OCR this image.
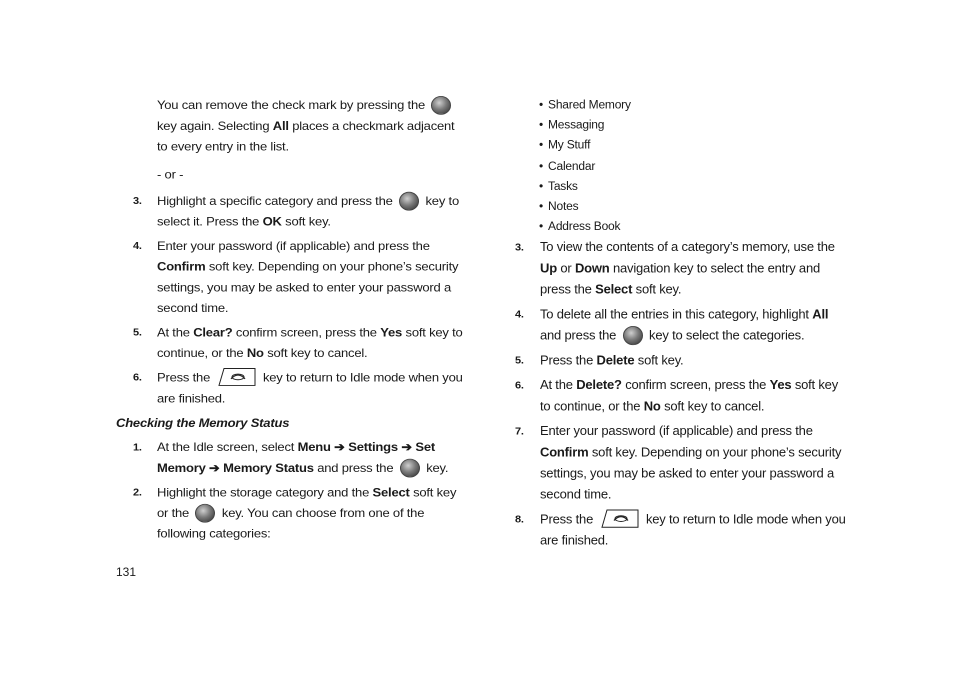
You can remove the check mark by pressing the  key again. Selecting All places a checkmark adjacent to every entry in the list.
- or -
3. Highlight a specific category and press the	key to select it. Press the OK soft key.
4. Enter your password (if applicable) and press the Confirm soft key. Depending on your phone’s security settings, you may be asked to enter your password a second time.
5. At the Clear? confirm screen, press the Yes soft key to continue, or the No soft key to cancel.
6. Press the	key to return to Idle mode when you are finished.
Checking the Memory Status
1. At the Idle screen, select Menu ➔ Settings ➔ Set Memory ➔ Memory Status and press the	key.
2. Highlight the storage category and the Select soft key or the	key. You can choose from one of the following categories:
• Shared Memory
• Messaging
• My Stuff
• Calendar
• Tasks
• Notes
• Address Book
3. To view the contents of a category’s memory, use the Up or Down navigation key to select the entry and press the Select soft key.
4. To delete all the entries in this category, highlight All and press the	key to select the categories.
5. Press the Delete soft key.
6. At the Delete? confirm screen, press the Yes soft key to continue, or the No soft key to cancel.
7. Enter your password (if applicable) and press the Confirm soft key. Depending on your phone’s security settings, you may be asked to enter your password a second time.
8. Press the	key to return to Idle mode when you are finished.
131
